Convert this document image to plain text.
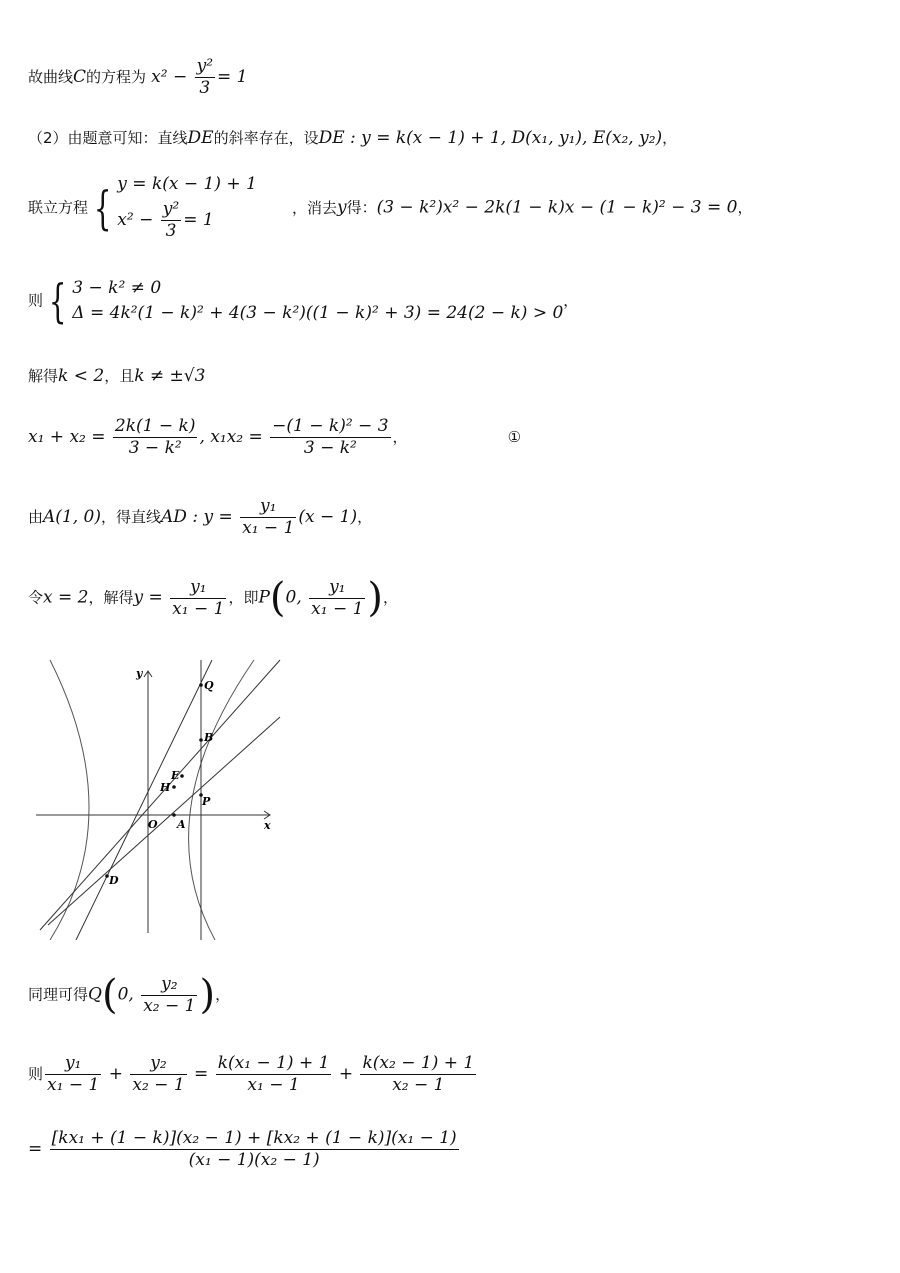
故曲线C的方程为 $x^2 - \frac{\text{y²}}{3} = 1$
（2）由题意可知：直线DE的斜率存在，设DE : y = k(x − 1) + 1, D(x₁, y₁), E(x₂, y₂)，
联立方程 { y = k(x − 1) + 1
$x^2 - \frac{\text{y²}}{3} = 1$
，消去y得：(3 − k²)x² − 2k(1 − k)x − (1 − k)² − 3 = 0，
则 { 3 − k² ≠ 0
Δ = 4k²(1 − k)² + 4(3 − k²)((1 − k)² + 3) = 24(2 − k) > 0
，
解得k < 2，且k ≠ ±√3
$x_1 + x_2 = \frac{2k(1 - k)}{\text{3 − k²}}$ , $x_1x_2 = \frac{\text{−(1 − k)² − 3}}{\text{3 − k²}}$ ，	①
由A(1, 0)，得直线AD : $y = \frac{\text{y₁}}{\text{x₁ − 1}} (x - 1)$，
令x = 2，解得$y = \frac{\text{y₁}}{\text{x₁ − 1}}$ ，即P(0, $\frac{\text{y₁}}{\text{x₁ − 1}}$ )，
y
x
O A
Q
B
E
H
P
D
同理可得Q(0, $\frac{\text{y₂}}{\text{x₂ − 1}}$ )，
则 $\frac{\text{y₁}}{\text{x₁ − 1}} + \frac{\text{y₂}}{\text{x₂ − 1}} = \frac{\text{k(x₁ − 1) + 1}}{\text{x₁ − 1}} + \frac{\text{k(x₂ − 1) + 1}}{\text{x₂ − 1}}$
= $\frac{\text{[kx₁ + (1 − k)](x₂ − 1) + [kx₂ + (1 − k)](x₁ − 1)}}{\text{(x₁ − 1)(x₂ − 1)}}$
